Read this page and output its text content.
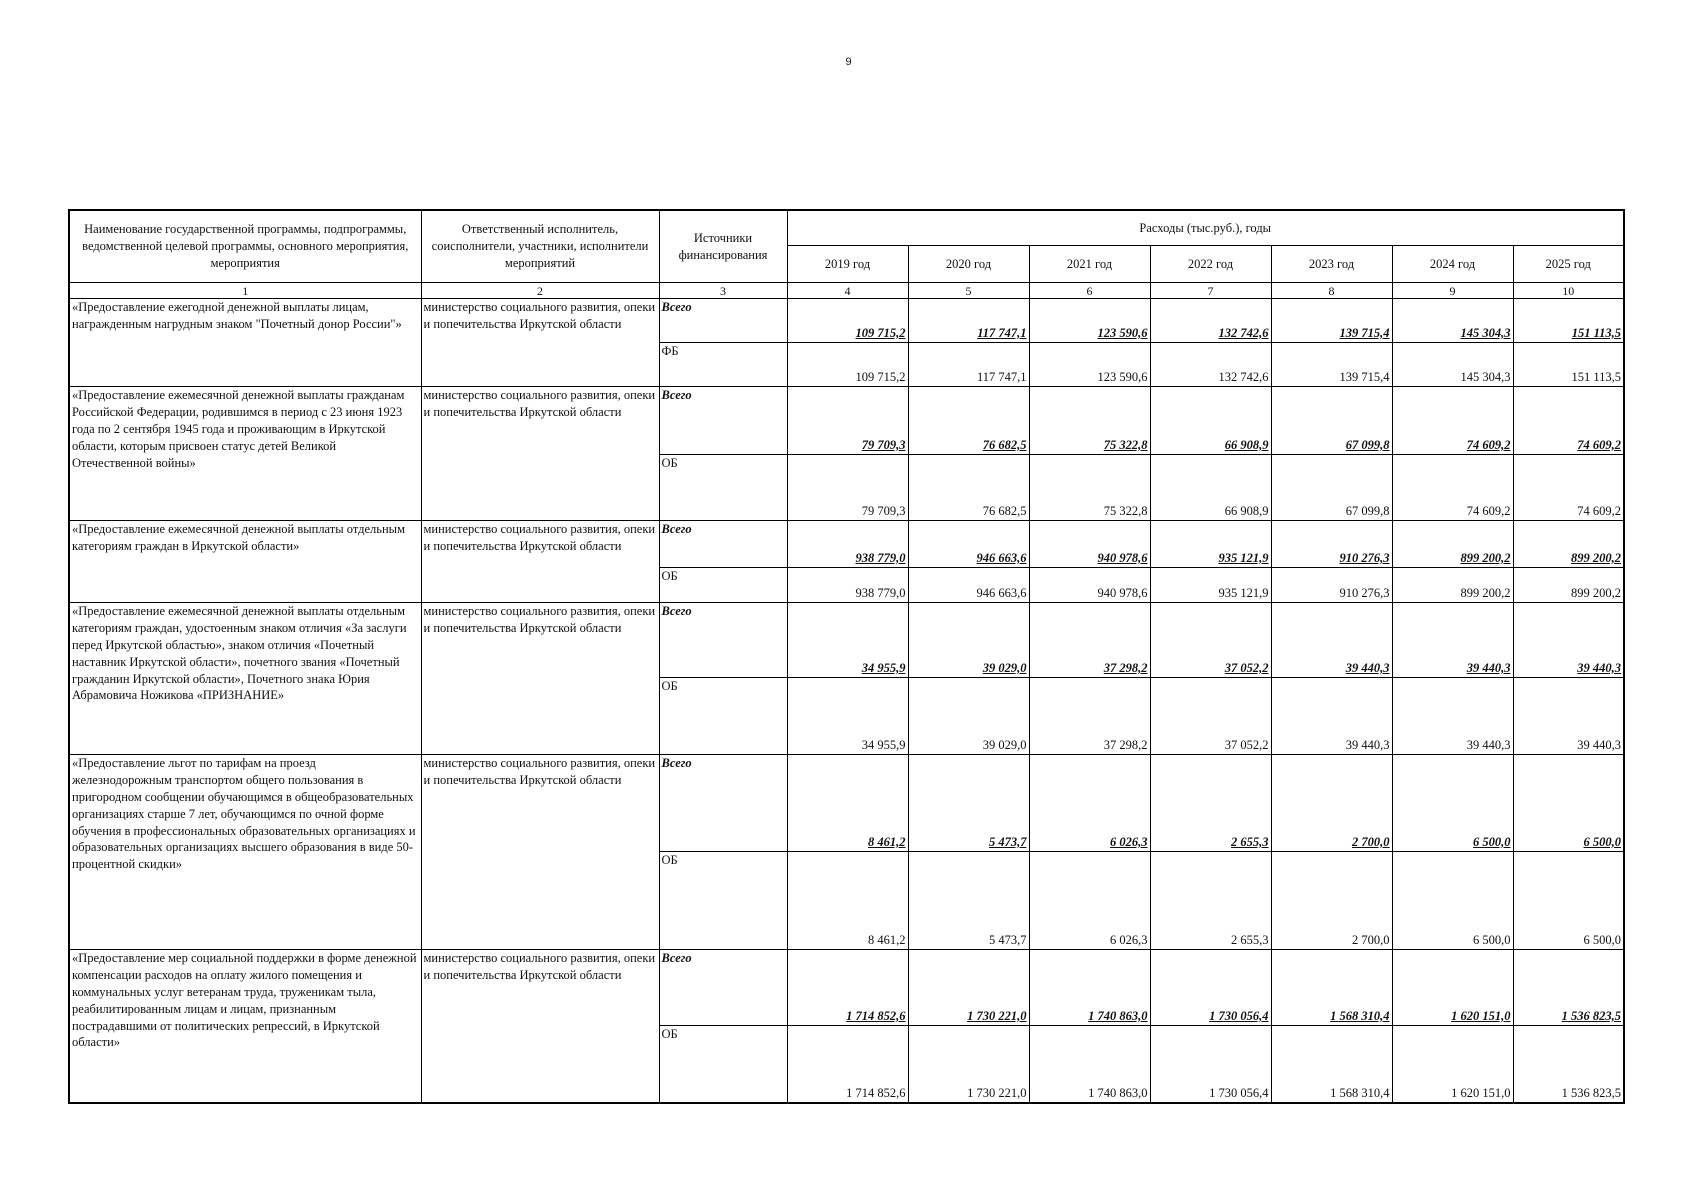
9
Наименование государственной программы, подпрограммы, ведомственной целевой программы, основного мероприятия, мероприятия	Ответственный исполнитель, соисполнители, участники, исполнители мероприятий	Источники финансирования	Расходы (тыс.руб.), годы						
			2019 год	2020 год	2021 год	2022 год	2023 год	2024 год	2025 год
1	2	3	4	5	6	7	8	9	10
«Предоставление ежегодной денежной выплаты лицам, награжденным нагрудным знаком "Почетный донор России"»	министерство социального развития, опеки и попечительства Иркутской области	Всего	109 715,2	117 747,1	123 590,6	132 742,6	139 715,4	145 304,3	151 113,5
		ФБ	109 715,2	117 747,1	123 590,6	132 742,6	139 715,4	145 304,3	151 113,5
«Предоставление ежемесячной денежной выплаты гражданам Российской Федерации, родившимся в период с 23 июня 1923 года по 2 сентября 1945 года и проживающим в Иркутской области, которым присвоен статус детей Великой Отечественной войны»	министерство социального развития, опеки и попечительства Иркутской области	Всего	79 709,3	76 682,5	75 322,8	66 908,9	67 099,8	74 609,2	74 609,2
		ОБ	79 709,3	76 682,5	75 322,8	66 908,9	67 099,8	74 609,2	74 609,2
«Предоставление ежемесячной денежной выплаты отдельным категориям граждан в Иркутской области»	министерство социального развития, опеки и попечительства Иркутской области	Всего	938 779,0	946 663,6	940 978,6	935 121,9	910 276,3	899 200,2	899 200,2
		ОБ	938 779,0	946 663,6	940 978,6	935 121,9	910 276,3	899 200,2	899 200,2
«Предоставление ежемесячной денежной выплаты отдельным категориям граждан, удостоенным знаком отличия «За заслуги перед Иркутской областью», знаком отличия «Почетный наставник Иркутской области», почетного звания «Почетный гражданин Иркутской области», Почетного знака Юрия Абрамовича Ножикова «ПРИЗНАНИЕ»	министерство социального развития, опеки и попечительства Иркутской области	Всего	34 955,9	39 029,0	37 298,2	37 052,2	39 440,3	39 440,3	39 440,3
		ОБ	34 955,9	39 029,0	37 298,2	37 052,2	39 440,3	39 440,3	39 440,3
«Предоставление льгот по тарифам на проезд железнодорожным транспортом общего пользования в пригородном сообщении обучающимся в общеобразовательных организациях старше 7 лет, обучающимся по очной форме обучения в профессиональных образовательных организациях и образовательных организациях высшего образования в виде 50-процентной скидки»	министерство социального развития, опеки и попечительства Иркутской области	Всего	8 461,2	5 473,7	6 026,3	2 655,3	2 700,0	6 500,0	6 500,0
		ОБ	8 461,2	5 473,7	6 026,3	2 655,3	2 700,0	6 500,0	6 500,0
«Предоставление мер социальной поддержки в форме денежной компенсации расходов на оплату жилого помещения и коммунальных услуг ветеранам труда, труженикам тыла, реабилитированным лицам и лицам, признанным пострадавшими от политических репрессий, в Иркутской области»	министерство социального развития, опеки и попечительства Иркутской области	Всего	1 714 852,6	1 730 221,0	1 740 863,0	1 730 056,4	1 568 310,4	1 620 151,0	1 536 823,5
		ОБ	1 714 852,6	1 730 221,0	1 740 863,0	1 730 056,4	1 568 310,4	1 620 151,0	1 536 823,5
